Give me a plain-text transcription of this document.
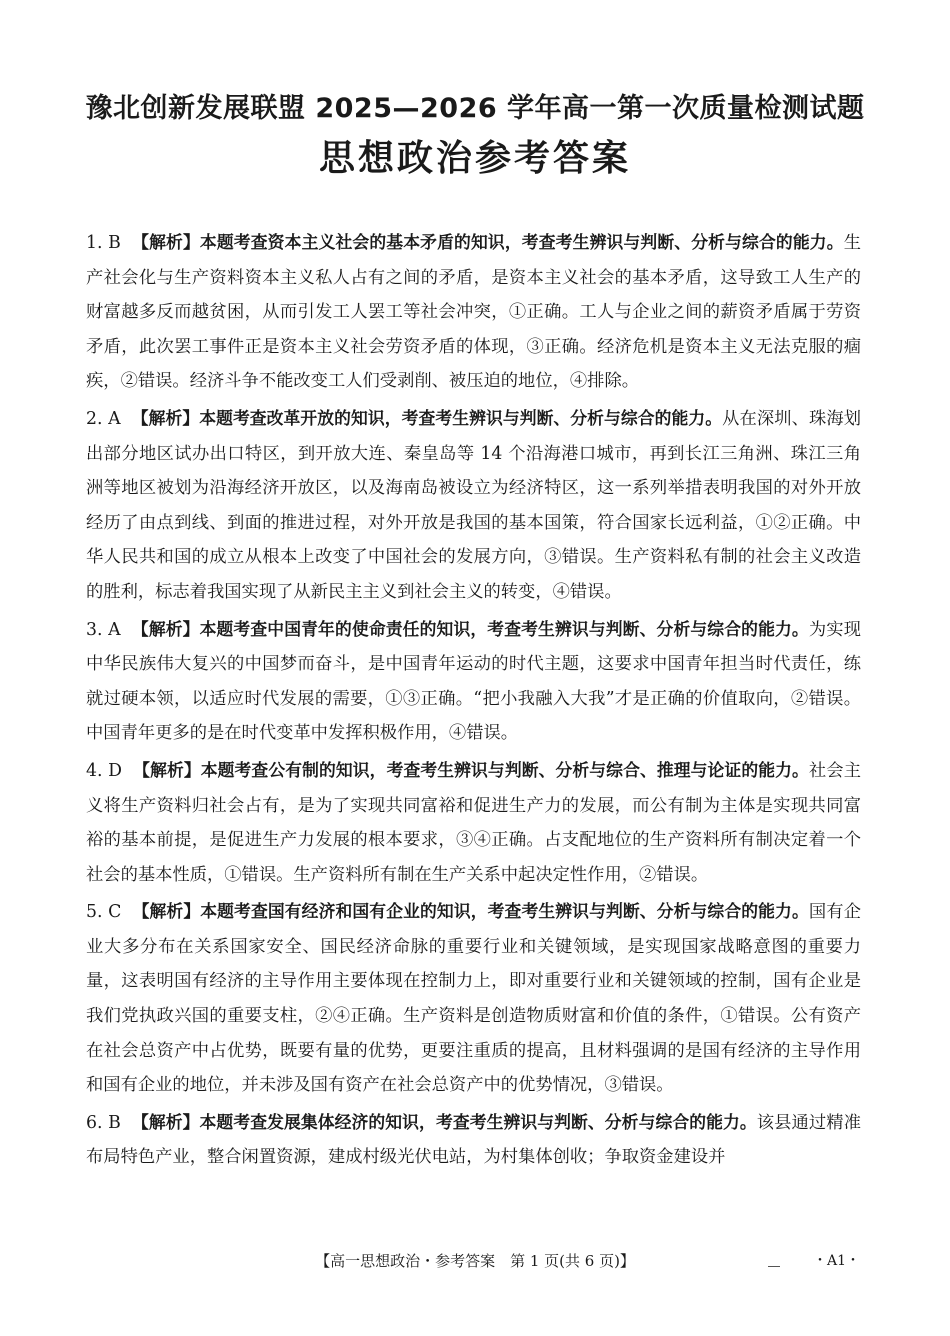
豫北创新发展联盟 2025—2026 学年高一第一次质量检测试题
思想政治参考答案

1. B 【解析】本题考查资本主义社会的基本矛盾的知识，考查考生辨识与判断、分析与综合的能力。生产社会化与生产资料资本主义私人占有之间的矛盾，是资本主义社会的基本矛盾，这导致工人生产的财富越多反而越贫困，从而引发工人罢工等社会冲突，①正确。工人与企业之间的薪资矛盾属于劳资矛盾，此次罢工事件正是资本主义社会劳资矛盾的体现，③正确。经济危机是资本主义无法克服的痼疾，②错误。经济斗争不能改变工人们受剥削、被压迫的地位，④排除。

2. A 【解析】本题考查改革开放的知识，考查考生辨识与判断、分析与综合的能力。从在深圳、珠海划出部分地区试办出口特区，到开放大连、秦皇岛等 14 个沿海港口城市，再到长江三角洲、珠江三角洲等地区被划为沿海经济开放区，以及海南岛被设立为经济特区，这一系列举措表明我国的对外开放经历了由点到线、到面的推进过程，对外开放是我国的基本国策，符合国家长远利益，①②正确。中华人民共和国的成立从根本上改变了中国社会的发展方向，③错误。生产资料私有制的社会主义改造的胜利，标志着我国实现了从新民主主义到社会主义的转变，④错误。

3. A 【解析】本题考查中国青年的使命责任的知识，考查考生辨识与判断、分析与综合的能力。为实现中华民族伟大复兴的中国梦而奋斗，是中国青年运动的时代主题，这要求中国青年担当时代责任，练就过硬本领，以适应时代发展的需要，①③正确。“把小我融入大我”才是正确的价值取向，②错误。中国青年更多的是在时代变革中发挥积极作用，④错误。

4. D 【解析】本题考查公有制的知识，考查考生辨识与判断、分析与综合、推理与论证的能力。社会主义将生产资料归社会占有，是为了实现共同富裕和促进生产力的发展，而公有制为主体是实现共同富裕的基本前提，是促进生产力发展的根本要求，③④正确。占支配地位的生产资料所有制决定着一个社会的基本性质，①错误。生产资料所有制在生产关系中起决定性作用，②错误。

5. C 【解析】本题考查国有经济和国有企业的知识，考查考生辨识与判断、分析与综合的能力。国有企业大多分布在关系国家安全、国民经济命脉的重要行业和关键领域，是实现国家战略意图的重要力量，这表明国有经济的主导作用主要体现在控制力上，即对重要行业和关键领域的控制，国有企业是我们党执政兴国的重要支柱，②④正确。生产资料是创造物质财富和价值的条件，①错误。公有资产在社会总资产中占优势，既要有量的优势，更要注重质的提高，且材料强调的是国有经济的主导作用和国有企业的地位，并未涉及国有资产在社会总资产中的优势情况，③错误。

6. B 【解析】本题考查发展集体经济的知识，考查考生辨识与判断、分析与综合的能力。该县通过精准布局特色产业，整合闲置资源，建成村级光伏电站，为村集体创收；争取资金建设并

【高一思想政治・参考答案　第 1 页(共 6 页)】	・A1・
